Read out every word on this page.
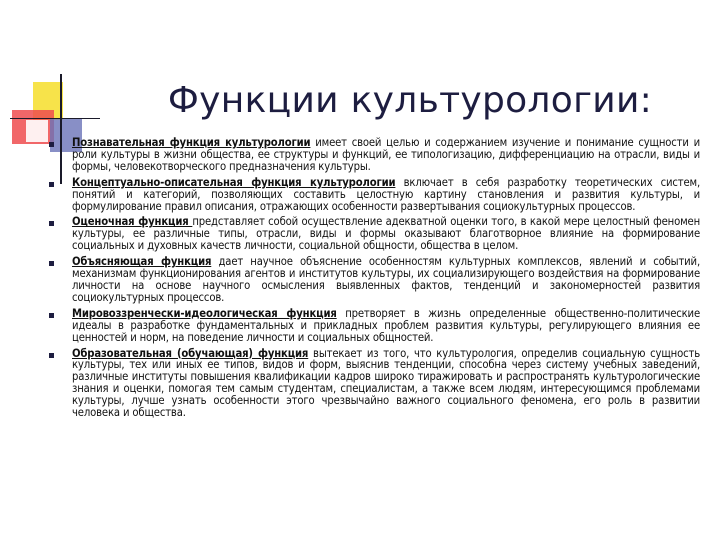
Функции культурологии:
Познавательная функция культурологии имеет своей целью и содержанием изучение и понимание сущности и роли культуры в жизни общества, ее структуры и функций, ее типологизацию, дифференциацию на отрасли, виды и формы, человекотворческого предназначения культуры.
Концептуально-описательная функция культурологии включает в себя разработку теоретических систем, понятий и категорий, позволяющих составить целостную картину становления и развития культуры, и формулирование правил описания, отражающих особенности развертывания социокультурных процессов.
Оценочная функция представляет собой осуществление адекватной оценки того, в какой мере целостный феномен культуры, ее различные типы, отрасли, виды и формы оказывают благотворное влияние на формирование социальных и духовных качеств личности, социальной общности, общества в целом.
Объясняющая функция дает научное объяснение особенностям культурных комплексов, явлений и событий, механизмам функционирования агентов и институтов культуры, их социализирующего воздействия на формирование личности на основе научного осмысления выявленных фактов, тенденций и закономерностей развития социокультурных процессов.
Мировоззренчески-идеологическая функция претворяет в жизнь определенные общественно-политические идеалы в разработке фундаментальных и прикладных проблем развития культуры, регулирующего влияния ее ценностей и норм, на поведение личности и социальных общностей.
Образовательная (обучающая) функция вытекает из того, что культурология, определив социальную сущность культуры, тех или иных ее типов, видов и форм, выяснив тенденции, способна через систему учебных заведений, различные институты повышения квалификации кадров широко тиражировать и распространять культурологические знания и оценки, помогая тем самым студентам, специалистам, а также всем людям, интересующимся проблемами культуры, лучше узнать особенности этого чрезвычайно важного социального феномена, его роль в развитии человека и общества.
